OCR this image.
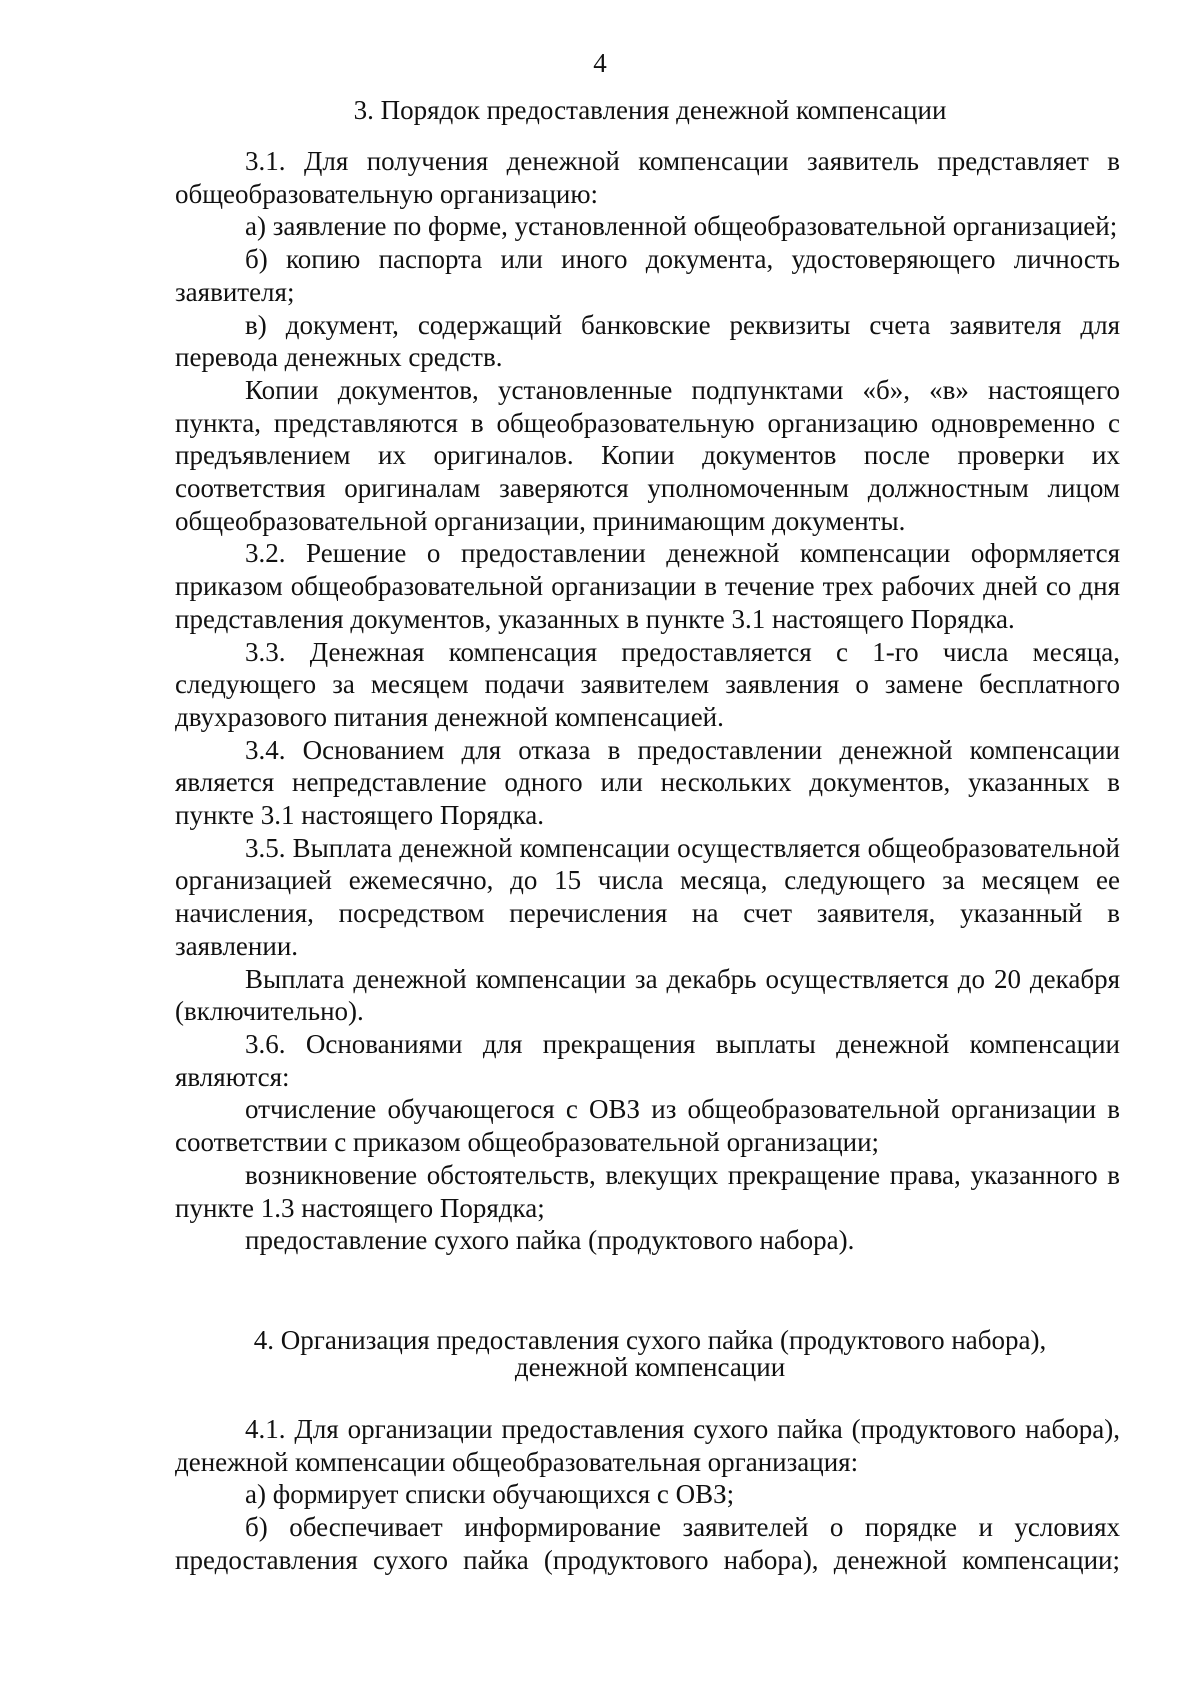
4
3. Порядок предоставления денежной компенсации

3.1. Для получения денежной компенсации заявитель представляет в общеобразовательную организацию:

а) заявление по форме, установленной общеобразовательной организацией;

б) копию паспорта или иного документа, удостоверяющего личность заявителя;

в) документ, содержащий банковские реквизиты счета заявителя для перевода денежных средств.

Копии документов, установленные подпунктами «б», «в» настоящего пункта, представляются в общеобразовательную организацию одновременно с предъявлением их оригиналов. Копии документов после проверки их соответствия оригиналам заверяются уполномоченным должностным лицом общеобразовательной организации, принимающим документы.

3.2. Решение о предоставлении денежной компенсации оформляется приказом общеобразовательной организации в течение трех рабочих дней со дня представления документов, указанных в пункте 3.1 настоящего Порядка.

3.3. Денежная компенсация предоставляется с 1-го числа месяца, следующего за месяцем подачи заявителем заявления о замене бесплатного двухразового питания денежной компенсацией.

3.4. Основанием для отказа в предоставлении денежной компенсации является непредставление одного или нескольких документов, указанных в пункте 3.1 настоящего Порядка.

3.5. Выплата денежной компенсации осуществляется общеобразовательной организацией ежемесячно, до 15 числа месяца, следующего за месяцем ее начисления, посредством перечисления на счет заявителя, указанный в заявлении.

Выплата денежной компенсации за декабрь осуществляется до 20 декабря (включительно).

3.6. Основаниями для прекращения выплаты денежной компенсации являются:

отчисление обучающегося с ОВЗ из общеобразовательной организации в соответствии с приказом общеобразовательной организации;

возникновение обстоятельств, влекущих прекращение права, указанного в пункте 1.3 настоящего Порядка;

предоставление сухого пайка (продуктового набора).

4. Организация предоставления сухого пайка (продуктового набора),
денежной компенсации

4.1. Для организации предоставления сухого пайка (продуктового набора), денежной компенсации общеобразовательная организация:

а) формирует списки обучающихся с ОВЗ;

б) обеспечивает информирование заявителей о порядке и условиях предоставления сухого пайка (продуктового набора), денежной компенсации;
